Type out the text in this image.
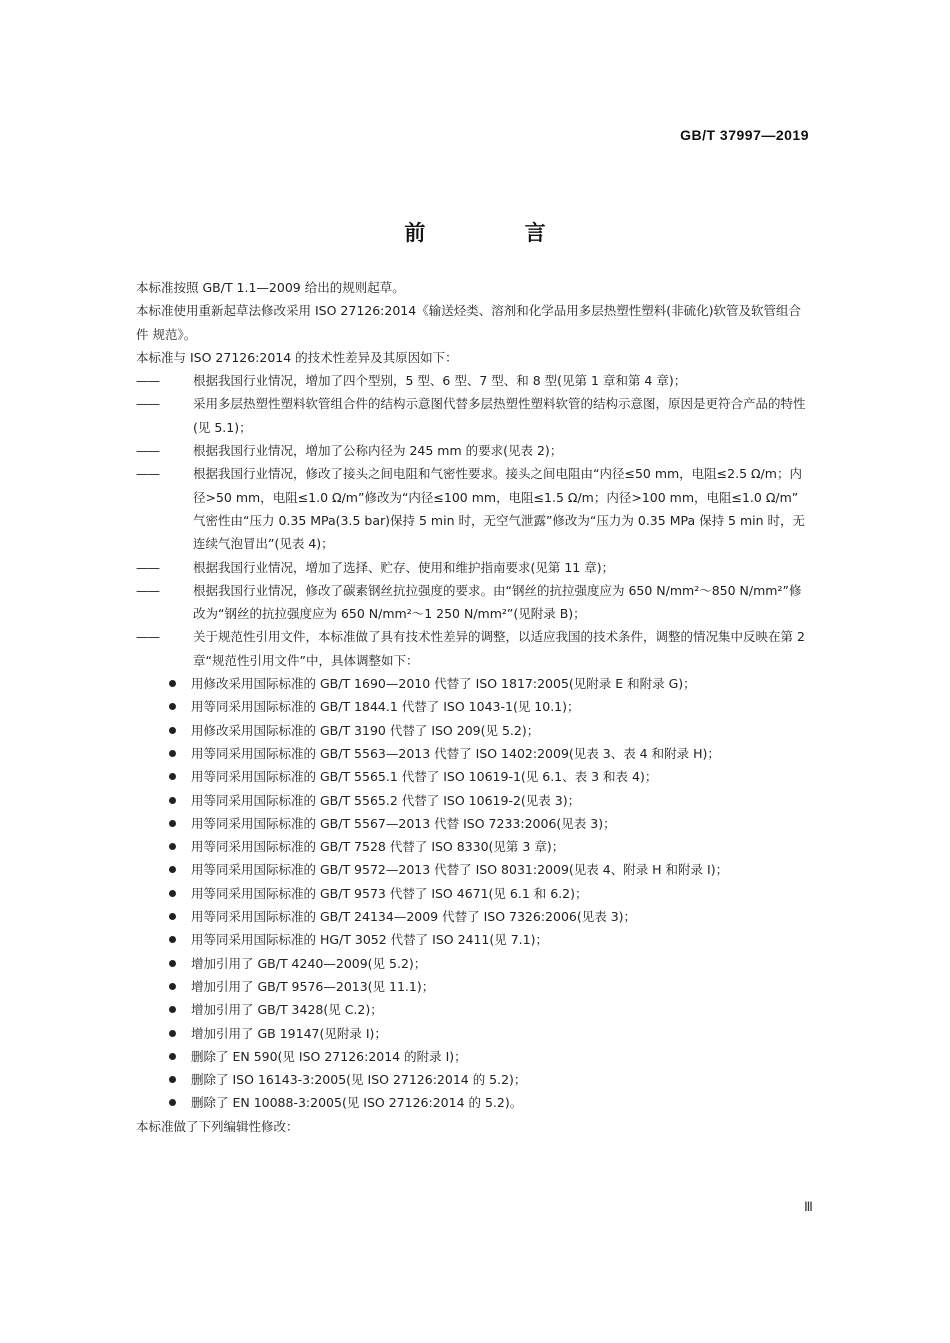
GB/T 37997—2019
前 言

本标准按照 GB/T 1.1—2009 给出的规则起草。

本标准使用重新起草法修改采用 ISO 27126:2014《输送烃类、溶剂和化学品用多层热塑性塑料(非硫化)软管及软管组合件 规范》。

本标准与 ISO 27126:2014 的技术性差异及其原因如下：

——	根据我国行业情况，增加了四个型别，5 型、6 型、7 型、和 8 型(见第 1 章和第 4 章)；
——	采用多层热塑性塑料软管组合件的结构示意图代替多层热塑性塑料软管的结构示意图，原因是更符合产品的特性(见 5.1)；
——	根据我国行业情况，增加了公称内径为 245 mm 的要求(见表 2)；
——	根据我国行业情况，修改了接头之间电阻和气密性要求。接头之间电阻由“内径≤50 mm，电阻≤2.5 Ω/m；内径>50 mm，电阻≤1.0 Ω/m”修改为“内径≤100 mm，电阻≤1.5 Ω/m；内径>100 mm，电阻≤1.0 Ω/m” 气密性由“压力 0.35 MPa(3.5 bar)保持 5 min 时，无空气泄露”修改为“压力为 0.35 MPa 保持 5 min 时，无连续气泡冒出”(见表 4)；
——	根据我国行业情况，增加了选择、贮存、使用和维护指南要求(见第 11 章)；
——	根据我国行业情况，修改了碳素钢丝抗拉强度的要求。由“钢丝的抗拉强度应为 650 N/mm²～850 N/mm²”修改为“钢丝的抗拉强度应为 650 N/mm²～1 250 N/mm²”(见附录 B)；
——	关于规范性引用文件，本标准做了具有技术性差异的调整，以适应我国的技术条件，调整的情况集中反映在第 2 章“规范性引用文件”中，具体调整如下：
用修改采用国际标准的 GB/T 1690—2010 代替了 ISO 1817:2005(见附录 E 和附录 G)；
用等同采用国际标准的 GB/T 1844.1 代替了 ISO 1043-1(见 10.1)；
用修改采用国际标准的 GB/T 3190 代替了 ISO 209(见 5.2)；
用等同采用国际标准的 GB/T 5563—2013 代替了 ISO 1402:2009(见表 3、表 4 和附录 H)；
用等同采用国际标准的 GB/T 5565.1 代替了 ISO 10619-1(见 6.1、表 3 和表 4)；
用等同采用国际标准的 GB/T 5565.2 代替了 ISO 10619-2(见表 3)；
用等同采用国际标准的 GB/T 5567—2013 代替 ISO 7233:2006(见表 3)；
用等同采用国际标准的 GB/T 7528 代替了 ISO 8330(见第 3 章)；
用等同采用国际标准的 GB/T 9572—2013 代替了 ISO 8031:2009(见表 4、附录 H 和附录 I)；
用等同采用国际标准的 GB/T 9573 代替了 ISO 4671(见 6.1 和 6.2)；
用等同采用国际标准的 GB/T 24134—2009 代替了 ISO 7326:2006(见表 3)；
用等同采用国际标准的 HG/T 3052 代替了 ISO 2411(见 7.1)；
增加引用了 GB/T 4240—2009(见 5.2)；
增加引用了 GB/T 9576—2013(见 11.1)；
增加引用了 GB/T 3428(见 C.2)；
增加引用了 GB 19147(见附录 I)；
删除了 EN 590(见 ISO 27126:2014 的附录 I)；
删除了 ISO 16143-3:2005(见 ISO 27126:2014 的 5.2)；
删除了 EN 10088-3:2005(见 ISO 27126:2014 的 5.2)。

本标准做了下列编辑性修改：

Ⅲ
